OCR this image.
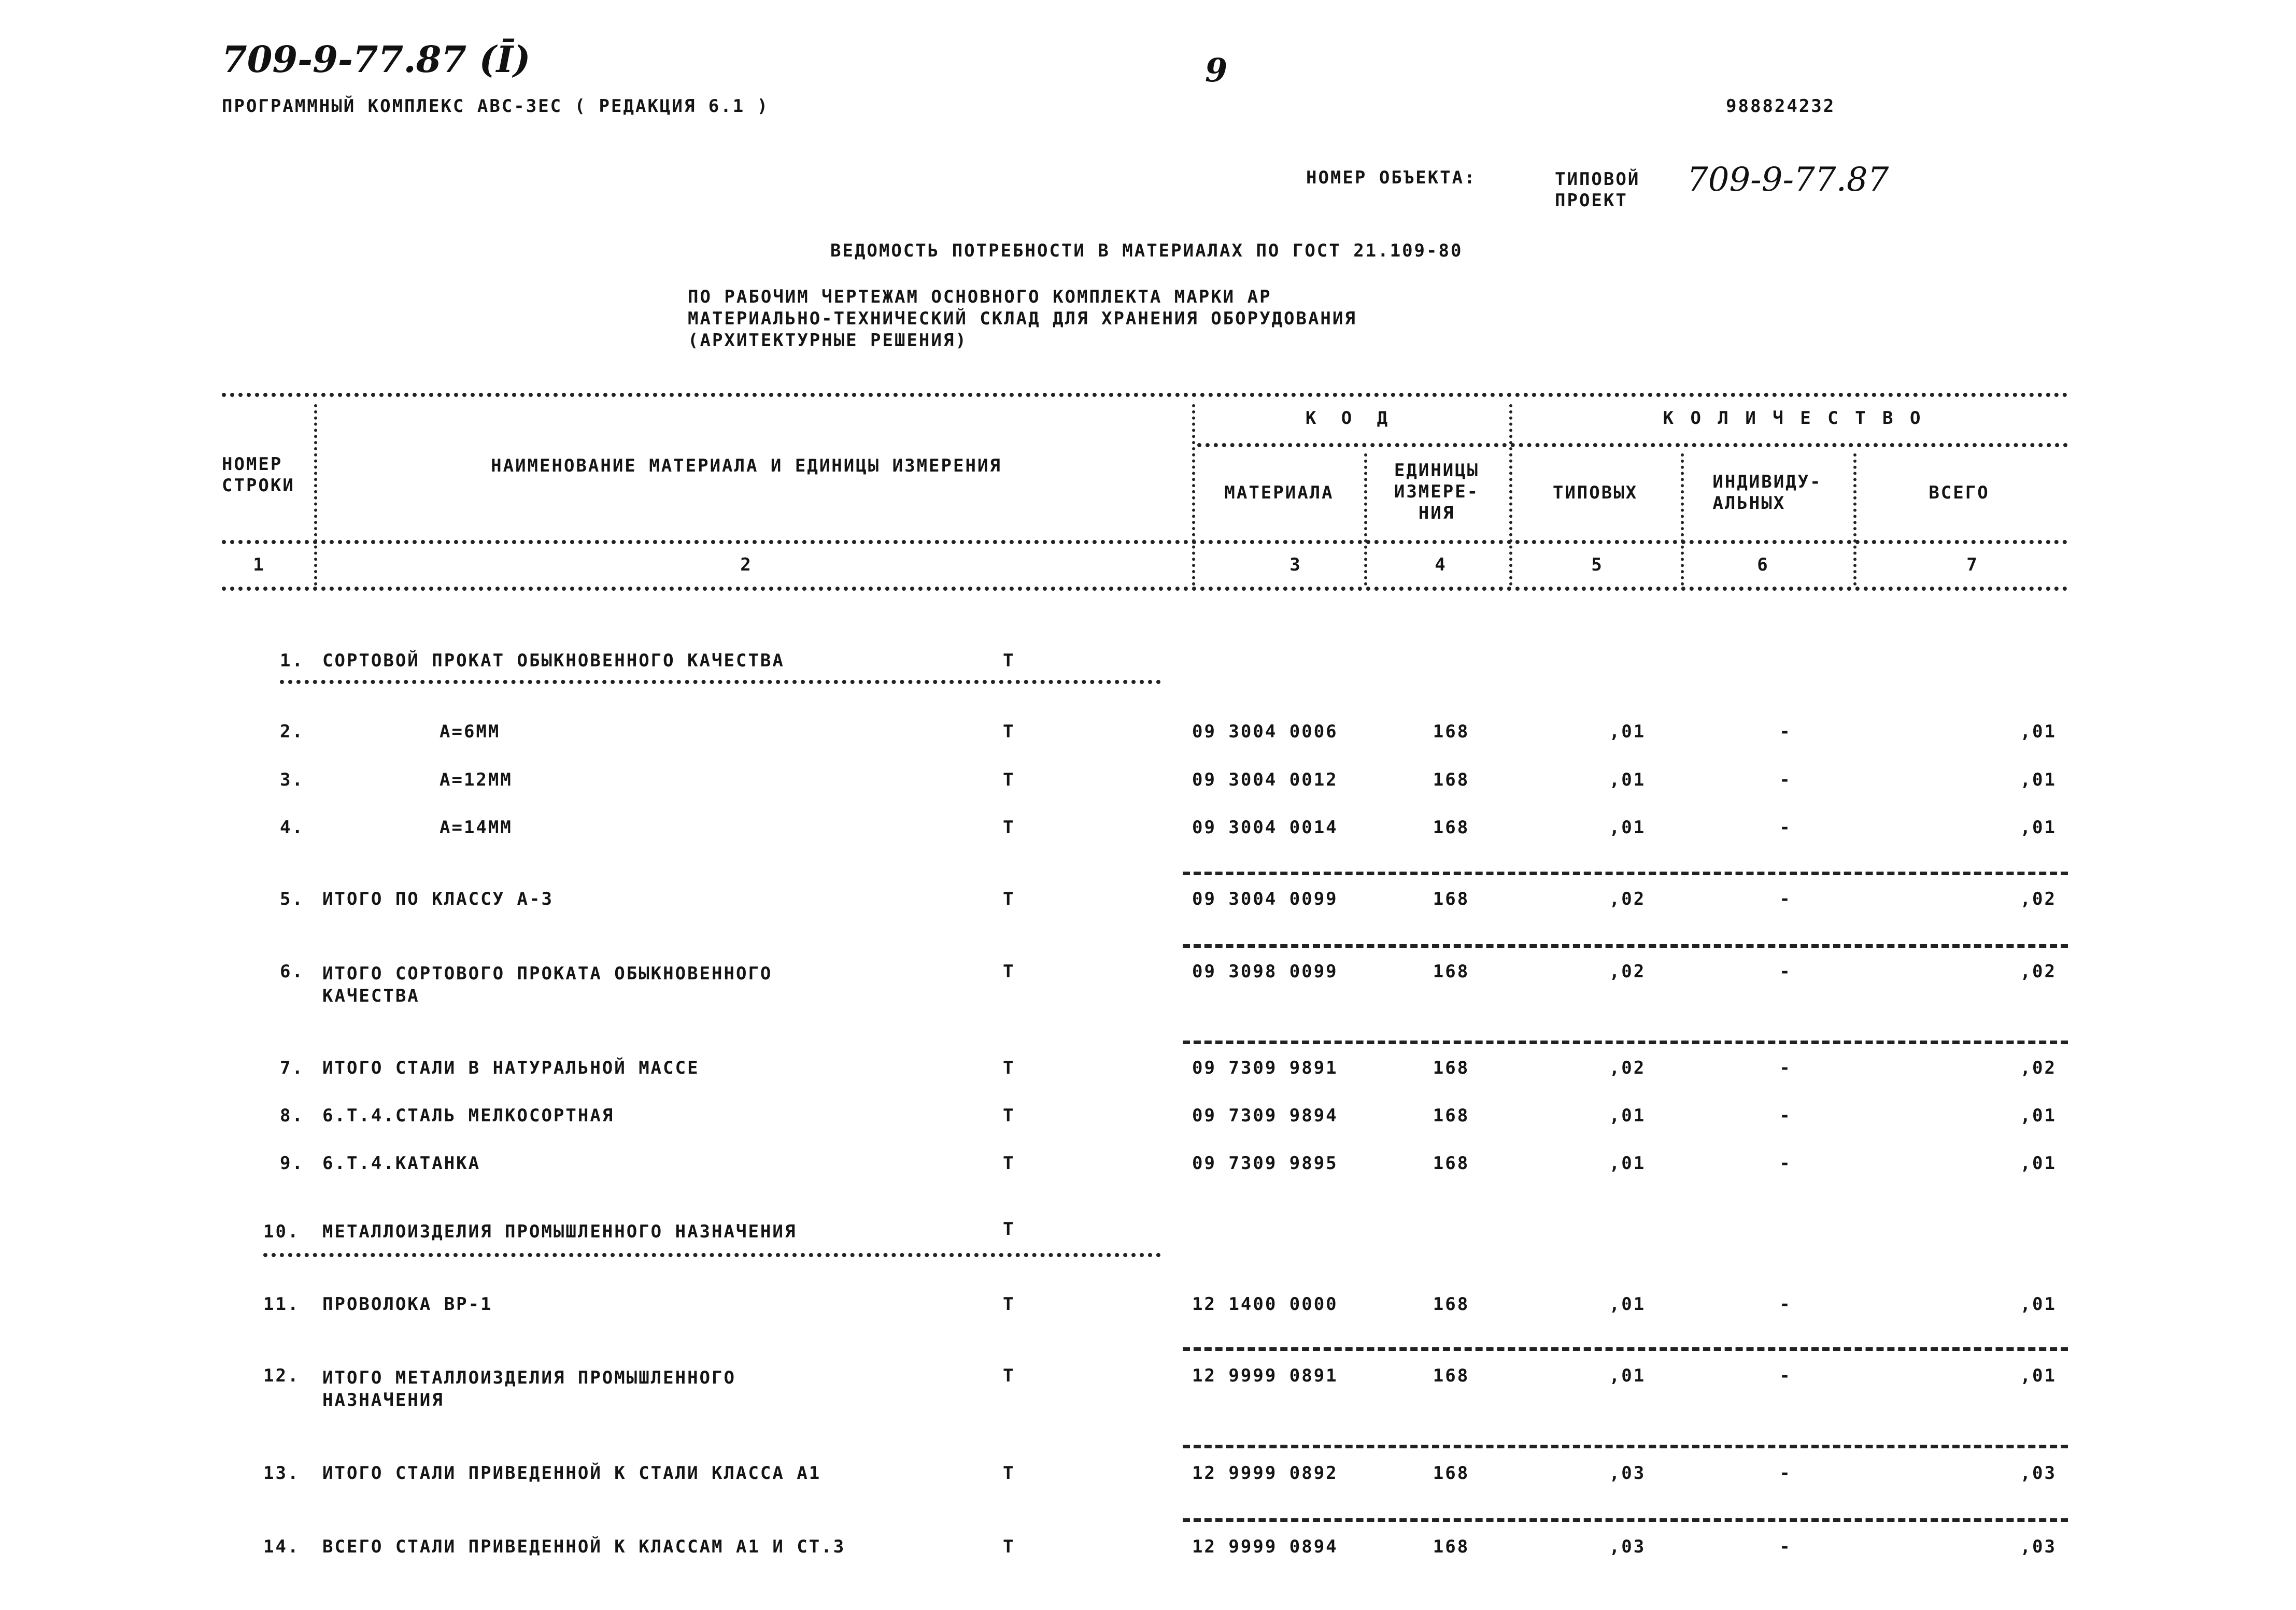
709-9-77.87 (Ī)	9
ПРОГРАММНЫЙ КОМПЛЕКС АВС-3ЕС ( РЕДАКЦИЯ 6.1 )	988824232
НОМЕР ОБЪЕКТА:	ТИПОВОЙ
ПРОЕКТ
709-9-77.87
ВЕДОМОСТЬ ПОТРЕБНОСТИ В МАТЕРИАЛАХ ПО ГОСТ 21.109-80
ПО РАБОЧИМ ЧЕРТЕЖАМ ОСНОВНОГО КОМПЛЕКТА МАРКИ АР
МАТЕРИАЛЬНО-ТЕХНИЧЕСКИЙ СКЛАД ДЛЯ ХРАНЕНИЯ ОБОРУДОВАНИЯ
(АРХИТЕКТУРНЫЕ РЕШЕНИЯ)
НОМЕР
СТРОКИ
НАИМЕНОВАНИЕ МАТЕРИАЛА И ЕДИНИЦЫ ИЗМЕРЕНИЯ
К О Д	К О Л И Ч Е С Т В О
МАТЕРИАЛА
ЕДИНИЦЫ
ИЗМЕРЕ-
НИЯ
ТИПОВЫХ
ИНДИВИДУ-
АЛЬНЫХ	ВСЕГО
1	2	3	4	5	6	7
1. СОРТОВОЙ ПРОКАТ ОБЫКНОВЕННОГО КАЧЕСТВА	Т
2.	А=6ММ	Т	09 3004 0006	168	,01	-	,01
3.	А=12ММ	Т	09 3004 0012	168	,01	-	,01
4.	А=14ММ	Т	09 3004 0014	168	,01	-	,01
5. ИТОГО ПО КЛАССУ А-3	Т	09 3004 0099	168	,02	-	,02
6. ИТОГО СОРТОВОГО ПРОКАТА ОБЫКНОВЕННОГО
КАЧЕСТВА
Т	09 3098 0099	168	,02	-	,02
7. ИТОГО СТАЛИ В НАТУРАЛЬНОЙ МАССЕ	Т	09 7309 9891	168	,02	-	,02
8. 6.Т.4.СТАЛЬ МЕЛКОСОРТНАЯ	Т	09 7309 9894	168	,01	-	,01
9. 6.Т.4.КАТАНКА	Т	09 7309 9895	168	,01	-	,01
10. МЕТАЛЛОИЗДЕЛИЯ ПРОМЫШЛЕННОГО НАЗНАЧЕНИЯ	Т
11. ПРОВОЛОКА ВР-1	Т	12 1400 0000	168	,01	-	,01
12. ИТОГО МЕТАЛЛОИЗДЕЛИЯ ПРОМЫШЛЕННОГО
НАЗНАЧЕНИЯ
Т	12 9999 0891	168	,01	-	,01
13. ИТОГО СТАЛИ ПРИВЕДЕННОЙ К СТАЛИ КЛАССА А1	Т	12 9999 0892	168	,03	-	,03
14. ВСЕГО СТАЛИ ПРИВЕДЕННОЙ К КЛАССАМ А1 И СТ.3	Т	12 9999 0894	168	,03	-	,03
